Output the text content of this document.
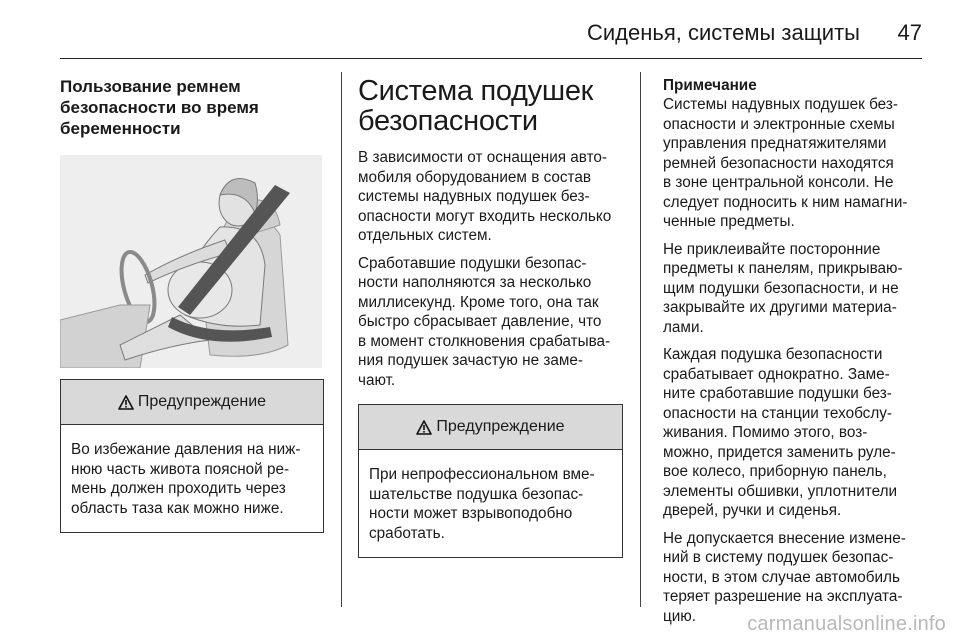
Сиденья, системы защиты 47
Пользование ремнем
безопасности во время
беременности
Предупреждение
Во избежание давления на ниж-
нюю часть живота поясной ре-
мень должен проходить через
область таза как можно ниже.
Система подушек
безопасности
В зависимости от оснащения авто-
мобиля оборудованием в состав
системы надувных подушек без-
опасности могут входить несколько
отдельных систем.
Сработавшие подушки безопас-
ности наполняются за несколько
миллисекунд. Кроме того, она так
быстро сбрасывает давление, что
в момент столкновения срабатыва-
ния подушек зачастую не заме-
чают.
Предупреждение
При непрофессиональном вме-
шательстве подушка безопас-
ности может взрывоподобно
сработать.
Примечание
Системы надувных подушек без-
опасности и электронные схемы
управления преднатяжителями
ремней безопасности находятся
в зоне центральной консоли. Не
следует подносить к ним намагни-
ченные предметы.
Не приклеивайте посторонние
предметы к панелям, прикрываю-
щим подушки безопасности, и не
закрывайте их другими материа-
лами.
Каждая подушка безопасности
срабатывает однократно. Заме-
ните сработавшие подушки без-
опасности на станции техобслу-
живания. Помимо этого, воз-
можно, придется заменить руле-
вое колесо, приборную панель,
элементы обшивки, уплотнители
дверей, ручки и сиденья.
Не допускается внесение измене-
ний в систему подушек безопас-
ности, в этом случае автомобиль
теряет разрешение на эксплуата-
цию.	carmanualsonline.info
